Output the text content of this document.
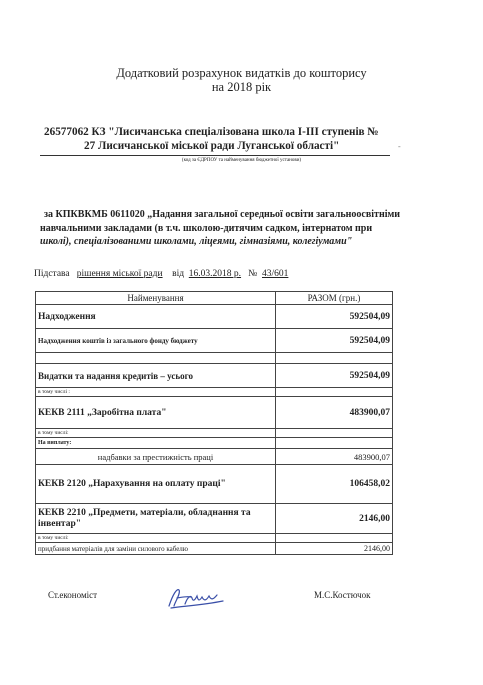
Додатковий розрахунок видатків до кошторису
на 2018 рік
26577062 КЗ "Лисичанська спеціалізована школа І-ІІІ ступенів №
27 Лисичанської міської ради Луганської області"	-
(код за ЄДРПОУ та найменування бюджетної установи)
за КПКВКМБ 0611020 „Надання загальної середньої освіти загальноосвітніми
навчальними закладами (в т.ч. школою-дитячим садком, інтернатом при
школі), спеціалізованими школами, ліцеями, гімназіями, колегіумами"
Підстава рішення міської ради від 16.03.2018 р. № 43/601
Найменування	РАЗОМ (грн.)
Надходження	592504,09
Надходження коштів із загального фонду бюджету	592504,09

Видатки та надання кредитів – усього	592504,09
в тому числі :	
КЕКВ 2111 „Заробітна плата"	483900,07
в тому числі:	
На виплату:	
надбавки за престижність праці	483900,07
КЕКВ 2120 „Нарахування на оплату праці"	106458,02
КЕКВ 2210 „Предмети, матеріали, обладнання та інвентар"	2146,00
в тому числі:	
придбання матеріалів для заміни силового кабелю	2146,00
Ст.економіст	М.С.Костючок
